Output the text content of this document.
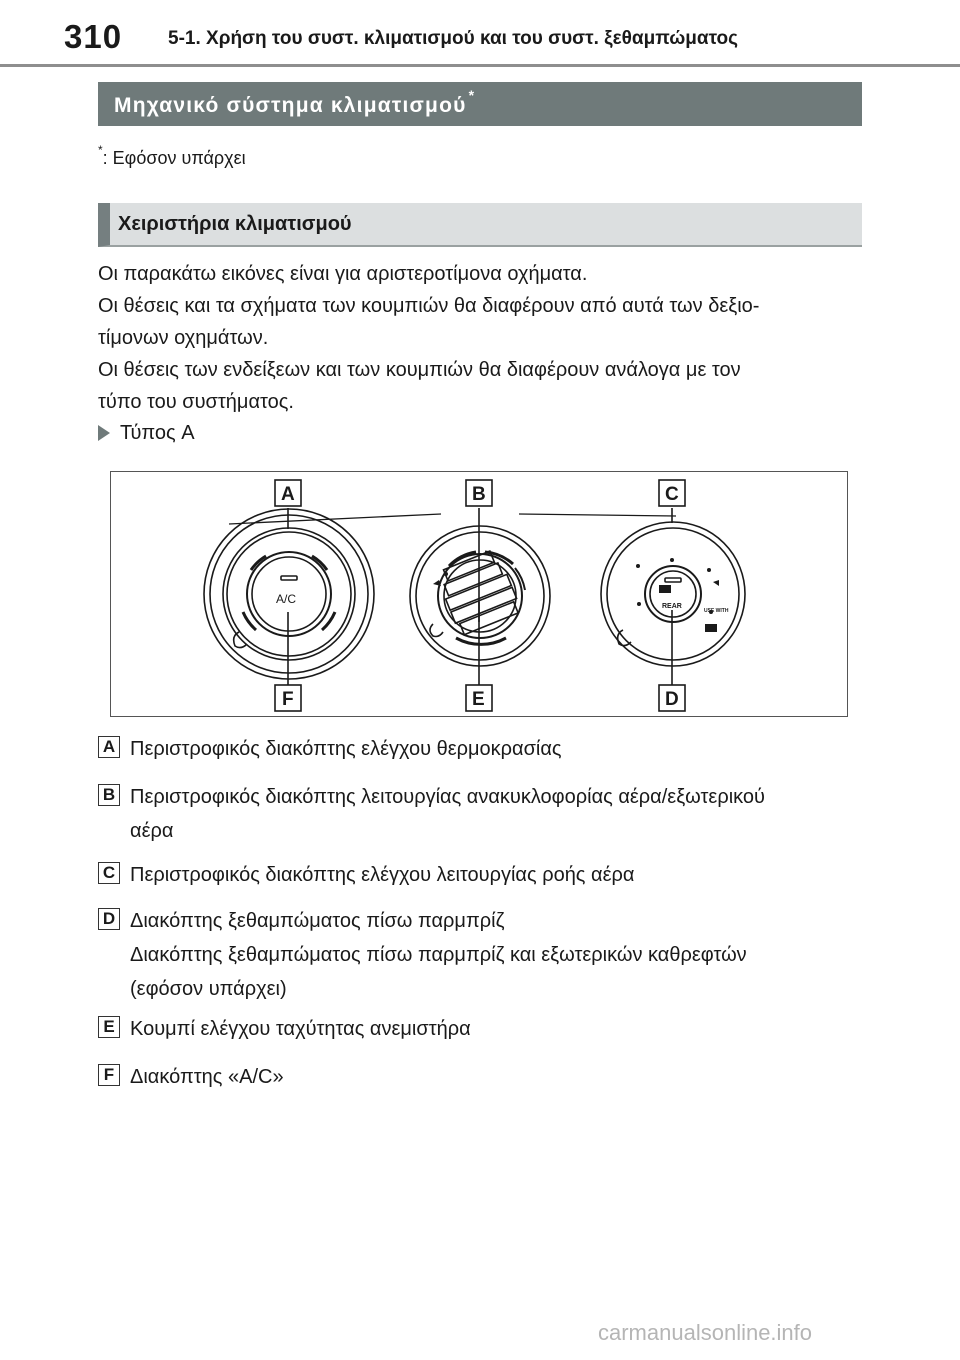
310 5-1. Χρήση του συστ. κλιματισμού και του συστ. ξεθαμπώματος
Μηχανικό σύστημα κλιματισμού *
*: Εφόσον υπάρχει
Χειριστήρια κλιματισμού

Οι παρακάτω εικόνες είναι για αριστεροτίμονα οχήματα.

Οι θέσεις και τα σχήματα των κουμπιών θα διαφέρουν από αυτά των δεξιο-

τίμονων οχημάτων.

Οι θέσεις των ενδείξεων και των κουμπιών θα διαφέρουν ανάλογα με τον

τύπο του συστήματος.

Τύπος A
A/C
REAR
USE WITH
A	B	C
D
E
F
A Περιστροφικός διακόπτης ελέγχου θερμοκρασίας
B Περιστροφικός διακόπτης λειτουργίας ανακυκλοφορίας αέρα/εξωτερικού
αέρα
C Περιστροφικός διακόπτης ελέγχου λειτουργίας ροής αέρα
D Διακόπτης ξεθαμπώματος πίσω παρμπρίζ
Διακόπτης ξεθαμπώματος πίσω παρμπρίζ και εξωτερικών καθρεφτών
(εφόσον υπάρχει)
E Κουμπί ελέγχου ταχύτητας ανεμιστήρα
F Διακόπτης «A/C»
carmanualsonline.info
